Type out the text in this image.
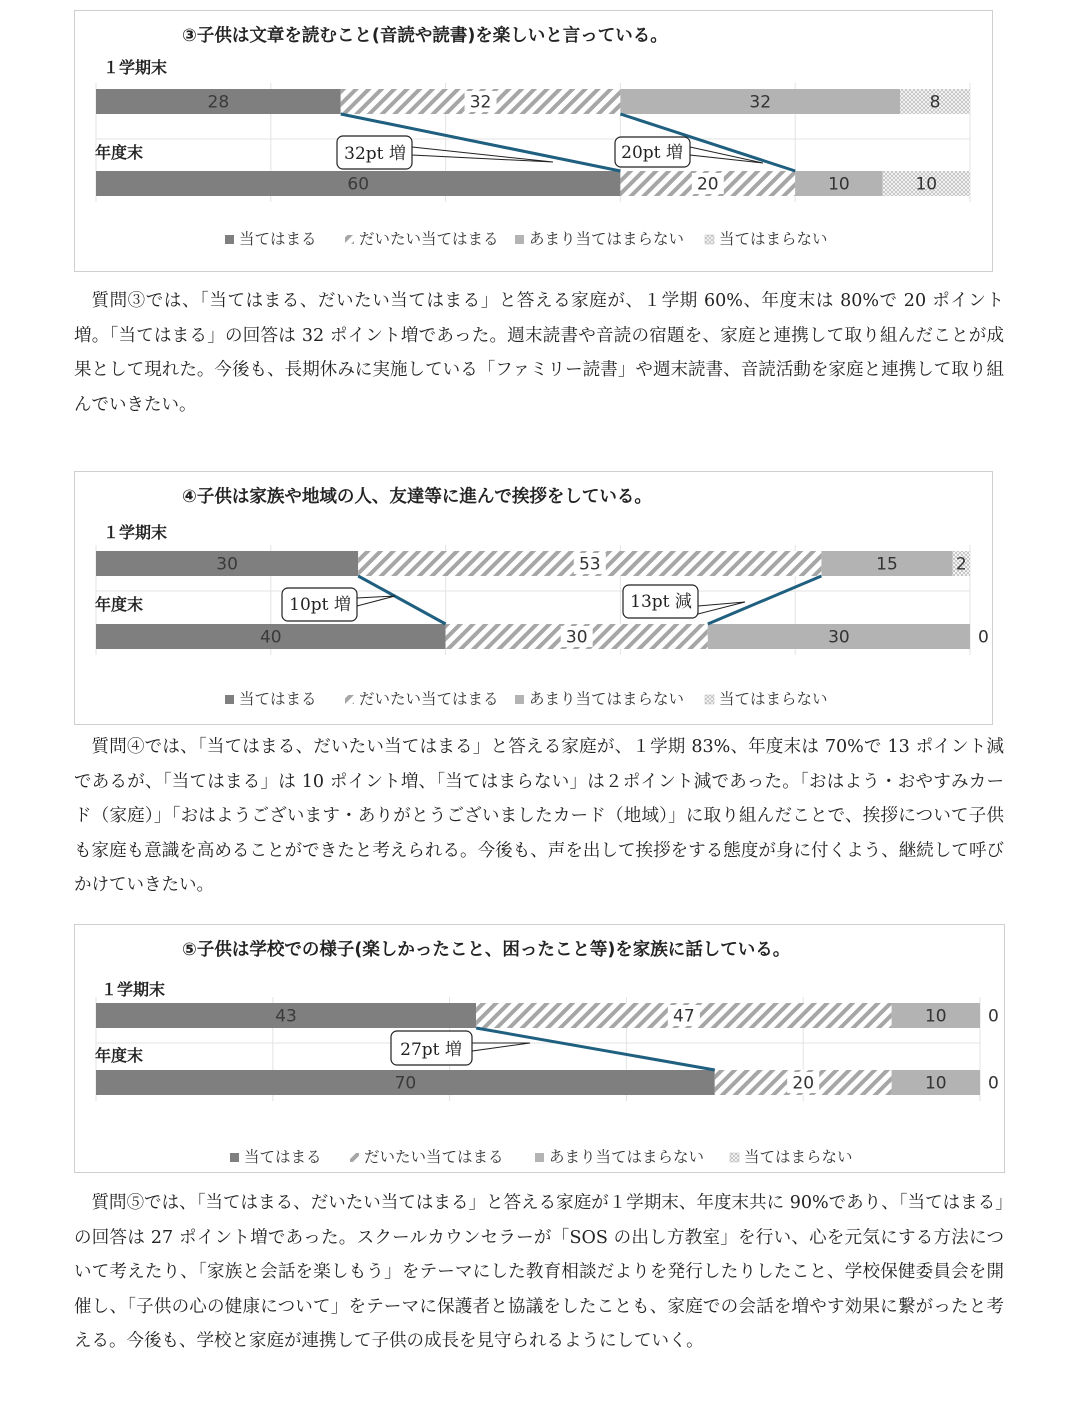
③子供は文章を読むこと(音読や読書)を楽しいと言っている。
１学期末
28	32	32	8
年度末
60	20	10	10
32pt 増	20pt 増
当てはまる	だいたい当てはまる あまり当てはまらない 当てはまらない

質問③では、「当てはまる、だいたい当てはまる」と答える家庭が、１学期 60%、年度末は 80%で 20 ポイント増。「当てはまる」の回答は 32 ポイント増であった。週末読書や音読の宿題を、家庭と連携して取り組んだことが成果として現れた。今後も、長期休みに実施している「ファミリー読書」や週末読書、音読活動を家庭と連携して取り組んでいきたい。

④子供は家族や地域の人、友達等に進んで挨拶をしている。
１学期末
30	53	15	2
年度末
40	30	30	0
10pt 増	13pt 減
当てはまる	だいたい当てはまる あまり当てはまらない 当てはまらない

質問④では、「当てはまる、だいたい当てはまる」と答える家庭が、１学期 83%、年度末は 70%で 13 ポイント減であるが、「当てはまる」は 10 ポイント増、「当てはまらない」は２ポイント減であった。「おはよう・おやすみカード（家庭）」「おはようございます・ありがとうございましたカード（地域）」に取り組んだことで、挨拶について子供も家庭も意識を高めることができたと考えられる。今後も、声を出して挨拶をする態度が身に付くよう、継続して呼びかけていきたい。

⑤子供は学校での様子(楽しかったこと、困ったこと等)を家族に話している。
１学期末
43	47	10 0
年度末
70	20	10 0
27pt 増
当てはまる	だいたい当てはまる	あまり当てはまらない	当てはまらない

質問⑤では、「当てはまる、だいたい当てはまる」と答える家庭が１学期末、年度末共に 90%であり、「当てはまる」の回答は 27 ポイント増であった。スクールカウンセラーが「SOS の出し方教室」を行い、心を元気にする方法について考えたり、「家族と会話を楽しもう」をテーマにした教育相談だよりを発行したりしたこと、学校保健委員会を開催し、「子供の心の健康について」をテーマに保護者と協議をしたことも、家庭での会話を増やす効果に繋がったと考える。今後も、学校と家庭が連携して子供の成長を見守られるようにしていく。
